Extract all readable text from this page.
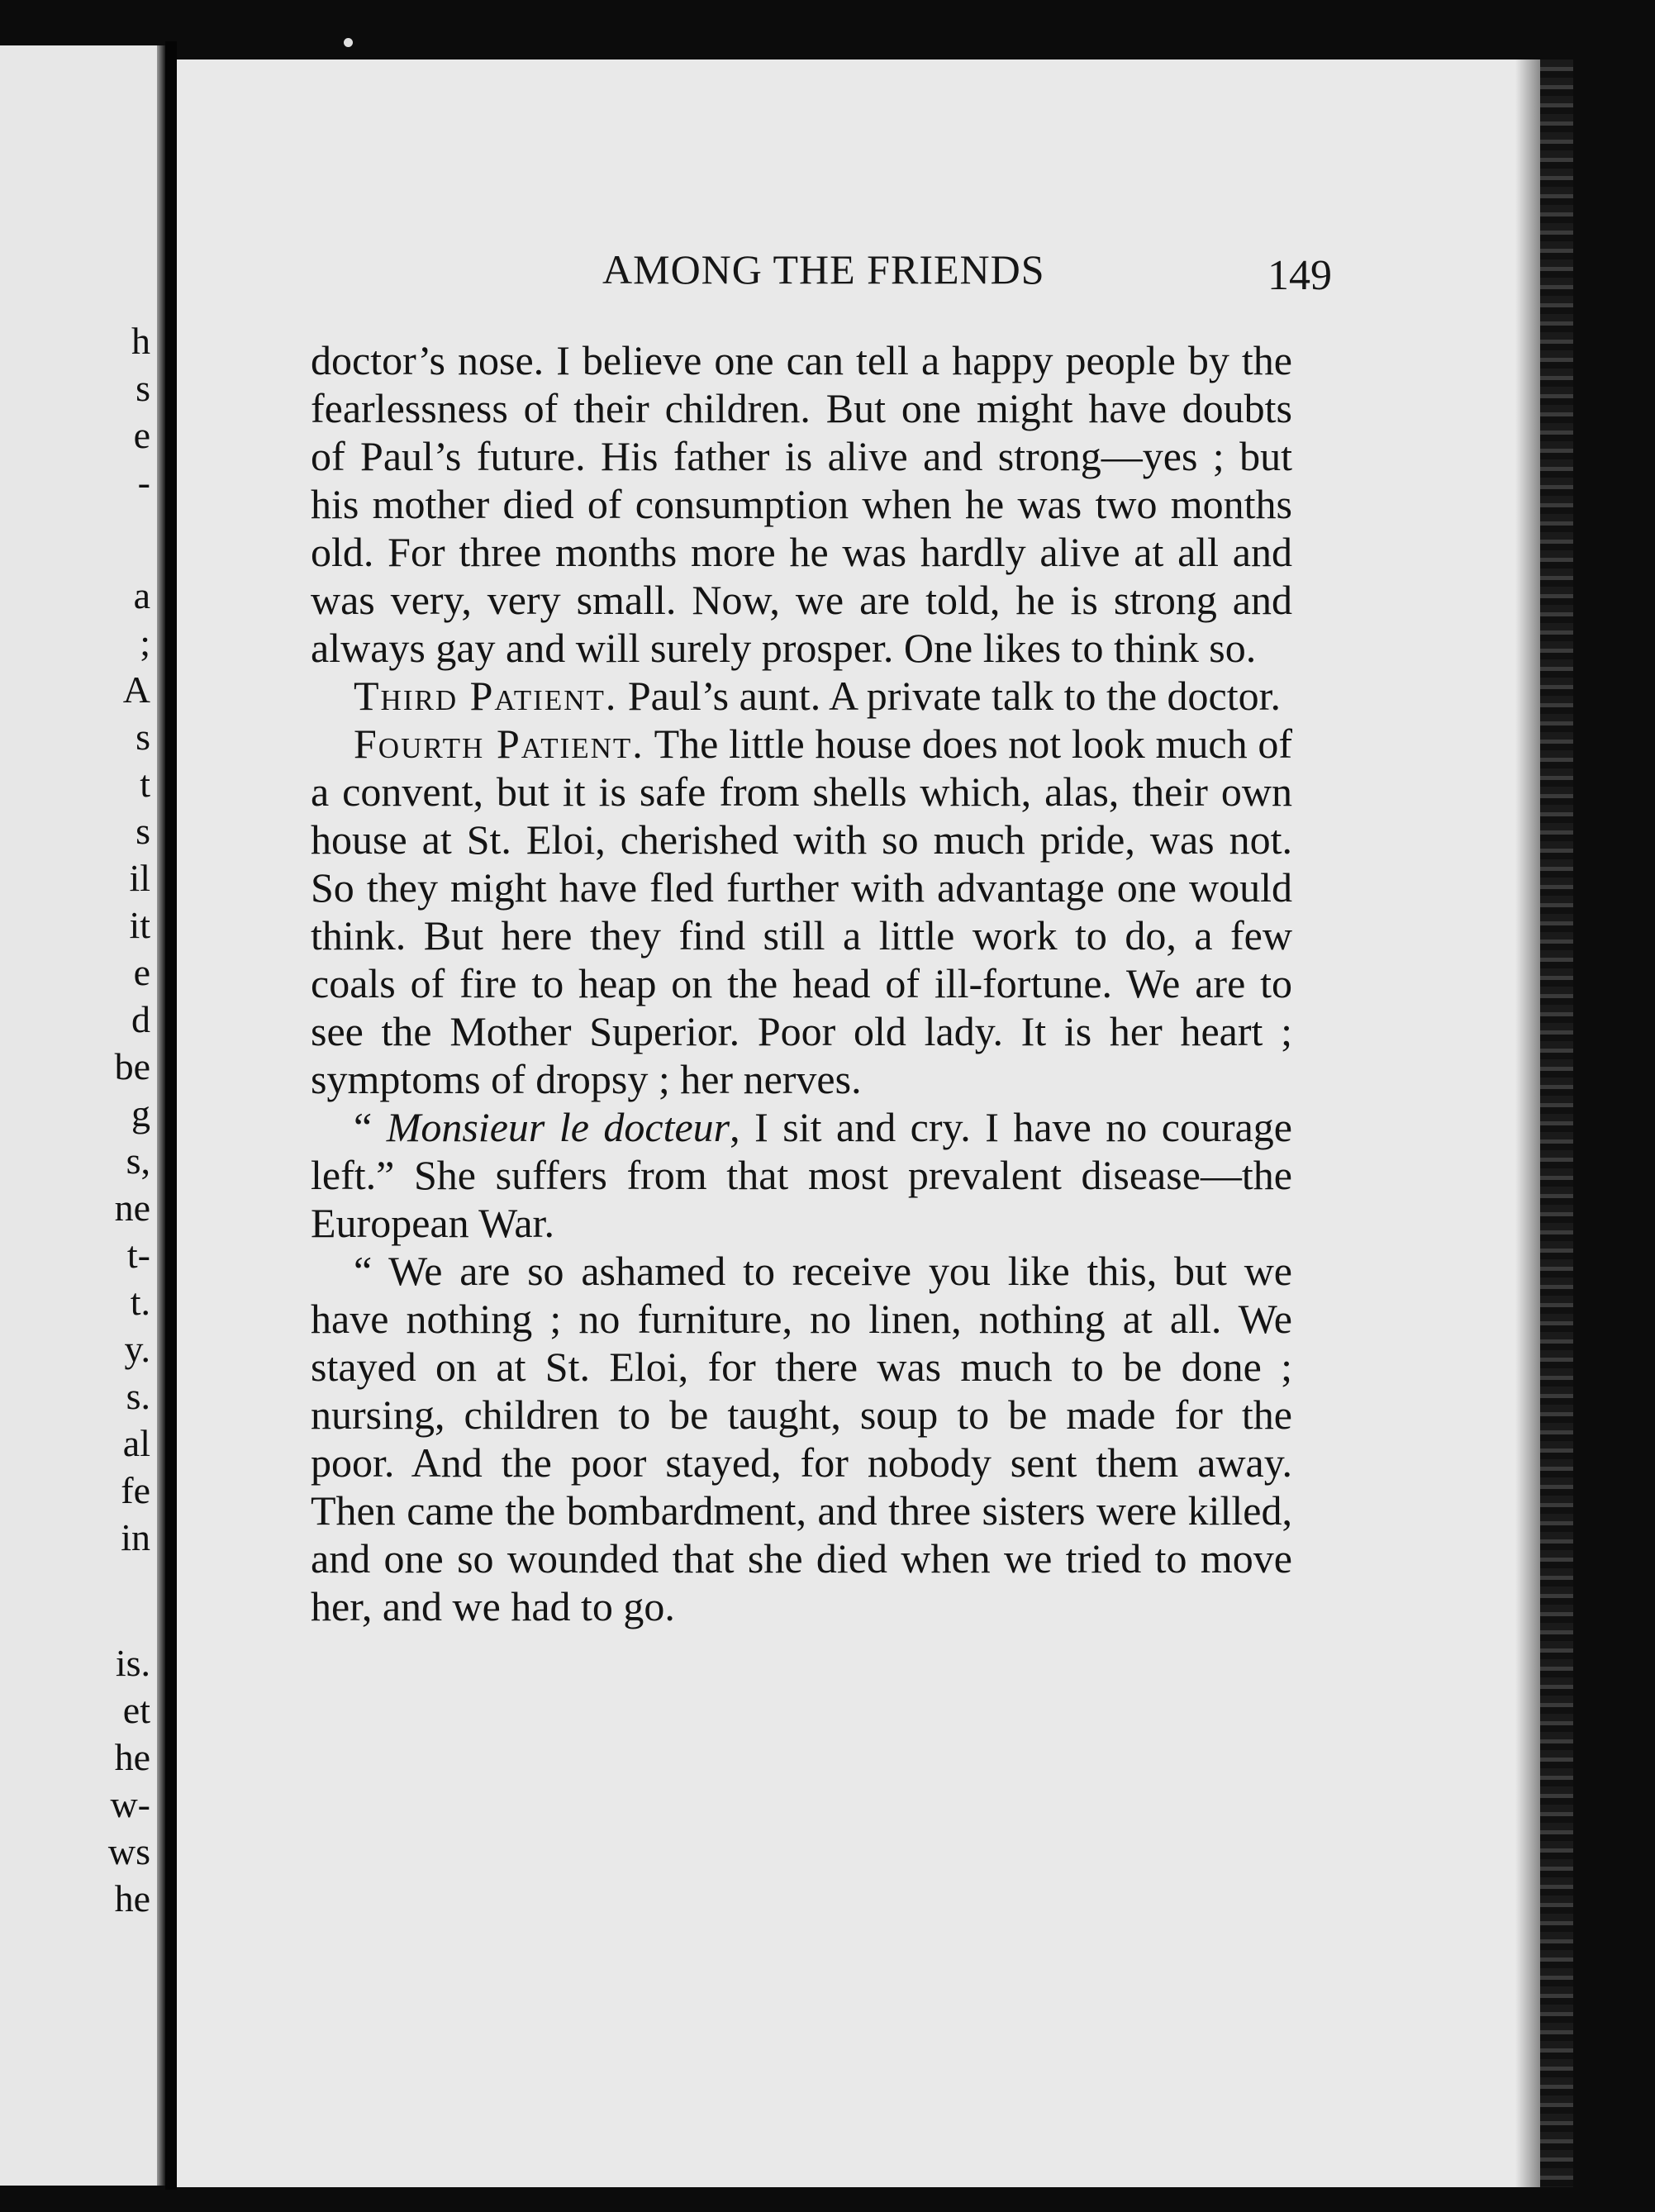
h
s
e
-
a
;
A
s
t
s
il
it
e
d
be
g
s,
ne
t-
t.
y.
s.
al
fe
in
is.
et
he
w-
ws
he
AMONG THE FRIENDS	149

doctor’s nose. I believe one can tell a happy people by the fearlessness of their children. But one might have doubts of Paul’s future. His father is alive and strong—yes ; but his mother died of consumption when he was two months old. For three months more he was hardly alive at all and was very, very small. Now, we are told, he is strong and always gay and will surely prosper. One likes to think so.

Third Patient. Paul’s aunt. A private talk to the doctor.

Fourth Patient. The little house does not look much of a convent, but it is safe from shells which, alas, their own house at St. Eloi, cherished with so much pride, was not. So they might have fled further with advantage one would think. But here they find still a little work to do, a few coals of fire to heap on the head of ill-fortune. We are to see the Mother Superior. Poor old lady. It is her heart ; symptoms of dropsy ; her nerves.

“ Monsieur le docteur, I sit and cry. I have no courage left.” She suffers from that most prevalent disease—the European War.

“ We are so ashamed to receive you like this, but we have nothing ; no furniture, no linen, nothing at all. We stayed on at St. Eloi, for there was much to be done ; nursing, children to be taught, soup to be made for the poor. And the poor stayed, for nobody sent them away. Then came the bombardment, and three sisters were killed, and one so wounded that she died when we tried to move her, and we had to go.
